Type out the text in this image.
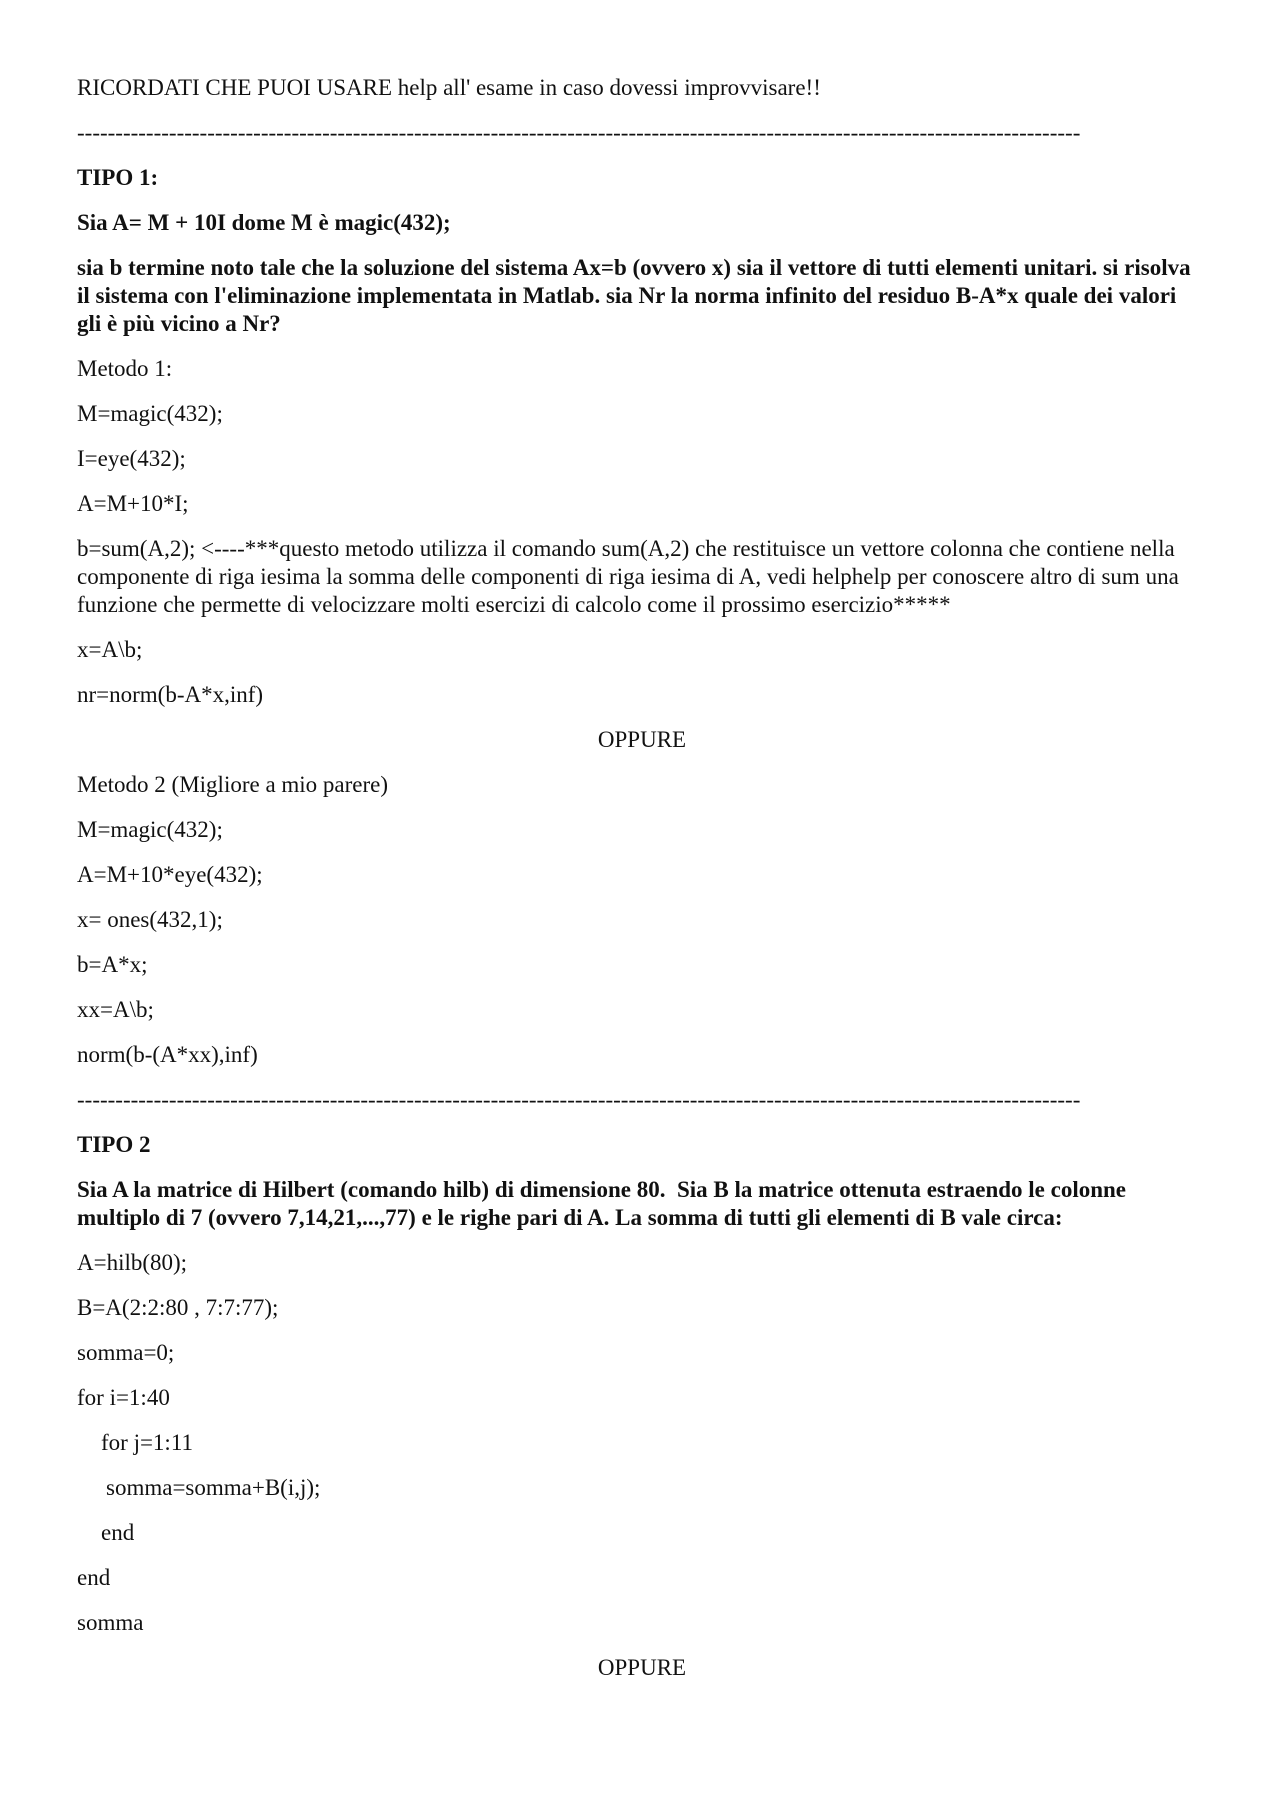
RICORDATI CHE PUOI USARE help all' esame in caso dovessi improvvisare!!
-----------------------------------------------------------------------------------------------------------------------------------
TIPO 1:
Sia A= M + 10I dome M è magic(432);
sia b termine noto tale che la soluzione del sistema Ax=b (ovvero x) sia il vettore di tutti elementi unitari. si risolva il sistema con l'eliminazione implementata in Matlab. sia Nr la norma infinito del residuo B-A*x quale dei valori gli è più vicino a Nr?
Metodo 1:
M=magic(432);
I=eye(432);
A=M+10*I;
b=sum(A,2); <----***questo metodo utilizza il comando sum(A,2) che restituisce un vettore colonna che contiene nella componente di riga iesima la somma delle componenti di riga iesima di A, vedi helphelp per conoscere altro di sum una funzione che permette di velocizzare molti esercizi di calcolo come il prossimo esercizio*****
x=A\b;
nr=norm(b-A*x,inf)
OPPURE
Metodo 2 (Migliore a mio parere)
M=magic(432);
A=M+10*eye(432);
x= ones(432,1);
b=A*x;
xx=A\b;
norm(b-(A*xx),inf)
-----------------------------------------------------------------------------------------------------------------------------------
TIPO 2
Sia A la matrice di Hilbert (comando hilb) di dimensione 80.  Sia B la matrice ottenuta estraendo le colonne multiplo di 7 (ovvero 7,14,21,...,77) e le righe pari di A. La somma di tutti gli elementi di B vale circa:
A=hilb(80);
B=A(2:2:80 , 7:7:77);
somma=0;
for i=1:40
for j=1:11
somma=somma+B(i,j);
end
end
somma
OPPURE
